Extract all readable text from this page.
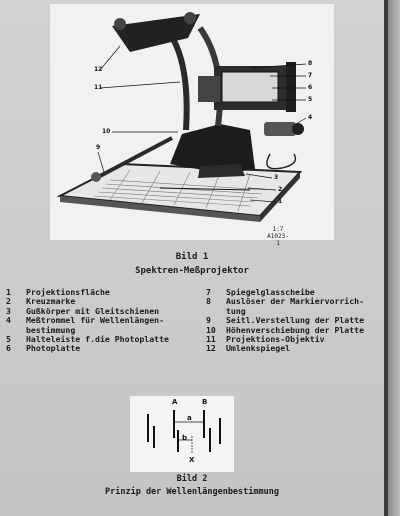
12
11
10
9
8
7
6
5
4
3
2
1
1:7
A1023-1
Bild 1
Spektren-Meßprojektor
1	Projektionsfläche
2	Kreuzmarke
3	Gußkörper mit Gleitschienen
4	Meßtrommel für Wellenlängen-
bestimmung
5	Halteleiste f.die Photoplatte
6	Photoplatte
7	Spiegelglasscheibe
8	Auslöser der Markiervorrich-
tung
9	Seitl.Verstellung der Platte
10	Höhenverschiebung der Platte
11	Projektions-Objektiv
12	Umlenkspiegel
A	B
a
b
X
Bild 2
Prinzip der Wellenlängenbestimmung
